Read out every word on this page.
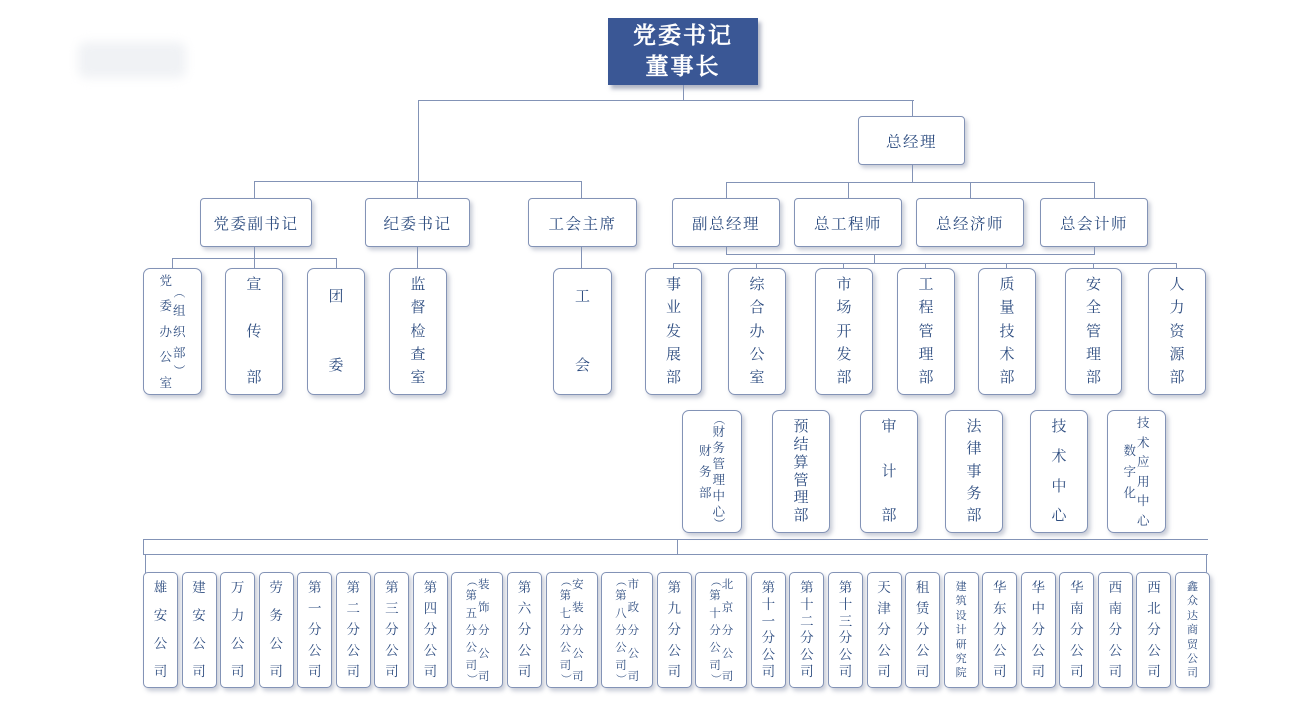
党委书记
董事长
总经理
党委副书记	纪委书记	工会主席	副总经理	总工程师	总经济师	总会计师
党
委
办
公
室
（
组
织
部
）
宣
传
部
团
委
监
督
检
查
室
工
会
事
业
发
展
部
综
合
办
公
室
市
场
开
发
部
工
程
管
理
部
质
量
技
术
部
安
全
管
理
部
人
力
资
源
部
财
务
部
（
财
务
管
理
中
心
）
预
结
算
管
理
部
审
计
部
法
律
事
务
部
技
术
中
心
数
字
化
技
术
应
用
中
心
雄
安
公
司
建
安
公
司
万
力
公
司
劳
务
公
司
第
一
分
公
司
第
二
分
公
司
第
三
分
公
司
第
四
分
公
司
（
第
五
分
公
司
）
装
饰
分
公
司
第
六
分
公
司
（
第
七
分
公
司
）
安
装
分
公
司
（
第
八
分
公
司
）
市
政
分
公
司
第
九
分
公
司
（
第
十
分
公
司
）
北
京
分
公
司
第
十
一
分
公
司
第
十
二
分
公
司
第
十
三
分
公
司
天
津
分
公
司
租
赁
分
公
司
建
筑
设
计
研
究
院
华
东
分
公
司
华
中
分
公
司
华
南
分
公
司
西
南
分
公
司
西
北
分
公
司
鑫
众
达
商
贸
公
司
